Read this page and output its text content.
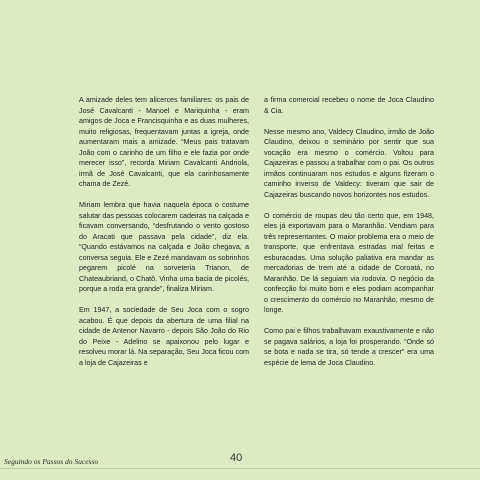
A amizade deles tem alicerces familiares: os pais de José Cavalcanti - Manoel e Mariquinha - eram amigos de Joca e Francisquinha e as duas mulheres, muito religiosas, frequentavam juntas a igreja, onde aumentaram mais a amizade. “Meus pais tratavam João com o carinho de um filho e ele fazia por onde merecer isso”, recorda Miriam Cavalcanti Andriola, irmã de José Cavalcanti, que ela carinhosamente chama de Zezé.

Miriam lembra que havia naquela época o costume salutar das pessoas colocarem cadeiras na calçada e ficavam conversando, “desfrutando o vento gostoso do Aracati que passava pela cidade”, diz ela. “Quando estávamos na calçada e João chegava, a conversa seguia. Ele e Zezé mandavam os sobrinhos pegarem picolé na sorveteria Trianon, de Chateaubriand, o Chatô. Vinha uma bacia de picolés, porque a roda era grande”, finaliza Miriam.

Em 1947, a sociedade de Seu Joca com o sogro acabou. É que depois da abertura de uma filial na cidade de Antenor Navarro - depois São João do Rio do Peixe - Adelino se apaixonou pelo lugar e resolveu morar lá. Na separação, Seu Joca ficou com a loja de Cajazeiras e

a firma comercial recebeu o nome de Joca Claudino & Cia.

Nesse mesmo ano, Valdecy Claudino, irmão de João Claudino, deixou o seminário por sentir que sua vocação era mesmo o comércio. Voltou para Cajazeiras e passou a trabalhar com o pai. Os outros irmãos continuaram nos estudos e alguns fizeram o caminho inverso de Valdecy: tiveram que sair de Cajazeiras buscando novos horizontes nos estudos.

O comércio de roupas deu tão certo que, em 1948, eles já exportavam para o Maranhão. Vendiam para três representantes. O maior problema era o meio de transporte, que enfrentava estradas mal feitas e esburacadas. Uma solução paliativa era mandar as mercadorias de trem até a cidade de Coroatá, no Maranhão. De lá seguiam via rodovia. O negócio da confecção foi muito bom e eles podiam acompanhar o crescimento do comércio no Maranhão, mesmo de longe.

Como pai e filhos trabalhavam exaustivamente e não se pagava salários, a loja foi prosperando. “Onde só se bota e nada se tira, só tende a crescer” era uma espécie de lema de Joca Claudino.

Seguindo os Passos do Sucesso	40
